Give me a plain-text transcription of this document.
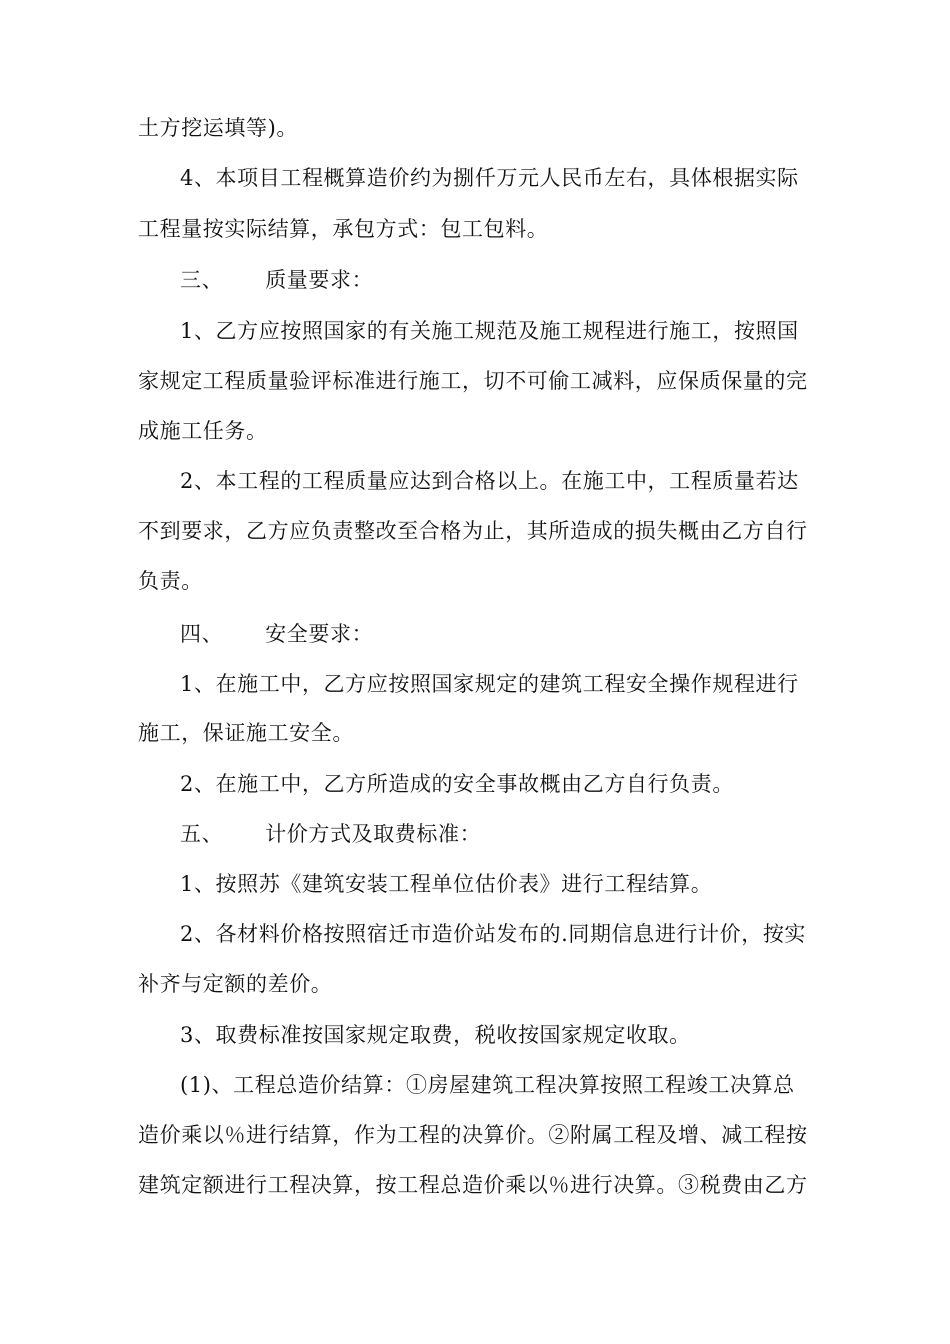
土方挖运填等)。
4、本项目工程概算造价约为捌仟万元人民币左右，具体根据实际
工程量按实际结算，承包方式：包工包料。
三、 质量要求：
1、乙方应按照国家的有关施工规范及施工规程进行施工，按照国
家规定工程质量验评标准进行施工，切不可偷工减料，应保质保量的完
成施工任务。
2、本工程的工程质量应达到合格以上。在施工中，工程质量若达
不到要求，乙方应负责整改至合格为止，其所造成的损失概由乙方自行
负责。
四、 安全要求：
1、在施工中，乙方应按照国家规定的建筑工程安全操作规程进行
施工，保证施工安全。
2、在施工中，乙方所造成的安全事故概由乙方自行负责。
五、 计价方式及取费标准：
1、按照苏《建筑安装工程单位估价表》进行工程结算。
2、各材料价格按照宿迁市造价站发布的.同期信息进行计价，按实
补齐与定额的差价。
3、取费标准按国家规定取费，税收按国家规定收取。
(1)、工程总造价结算：①房屋建筑工程决算按照工程竣工决算总
造价乘以％进行结算，作为工程的决算价。②附属工程及增、减工程按
建筑定额进行工程决算，按工程总造价乘以％进行决算。③税费由乙方
